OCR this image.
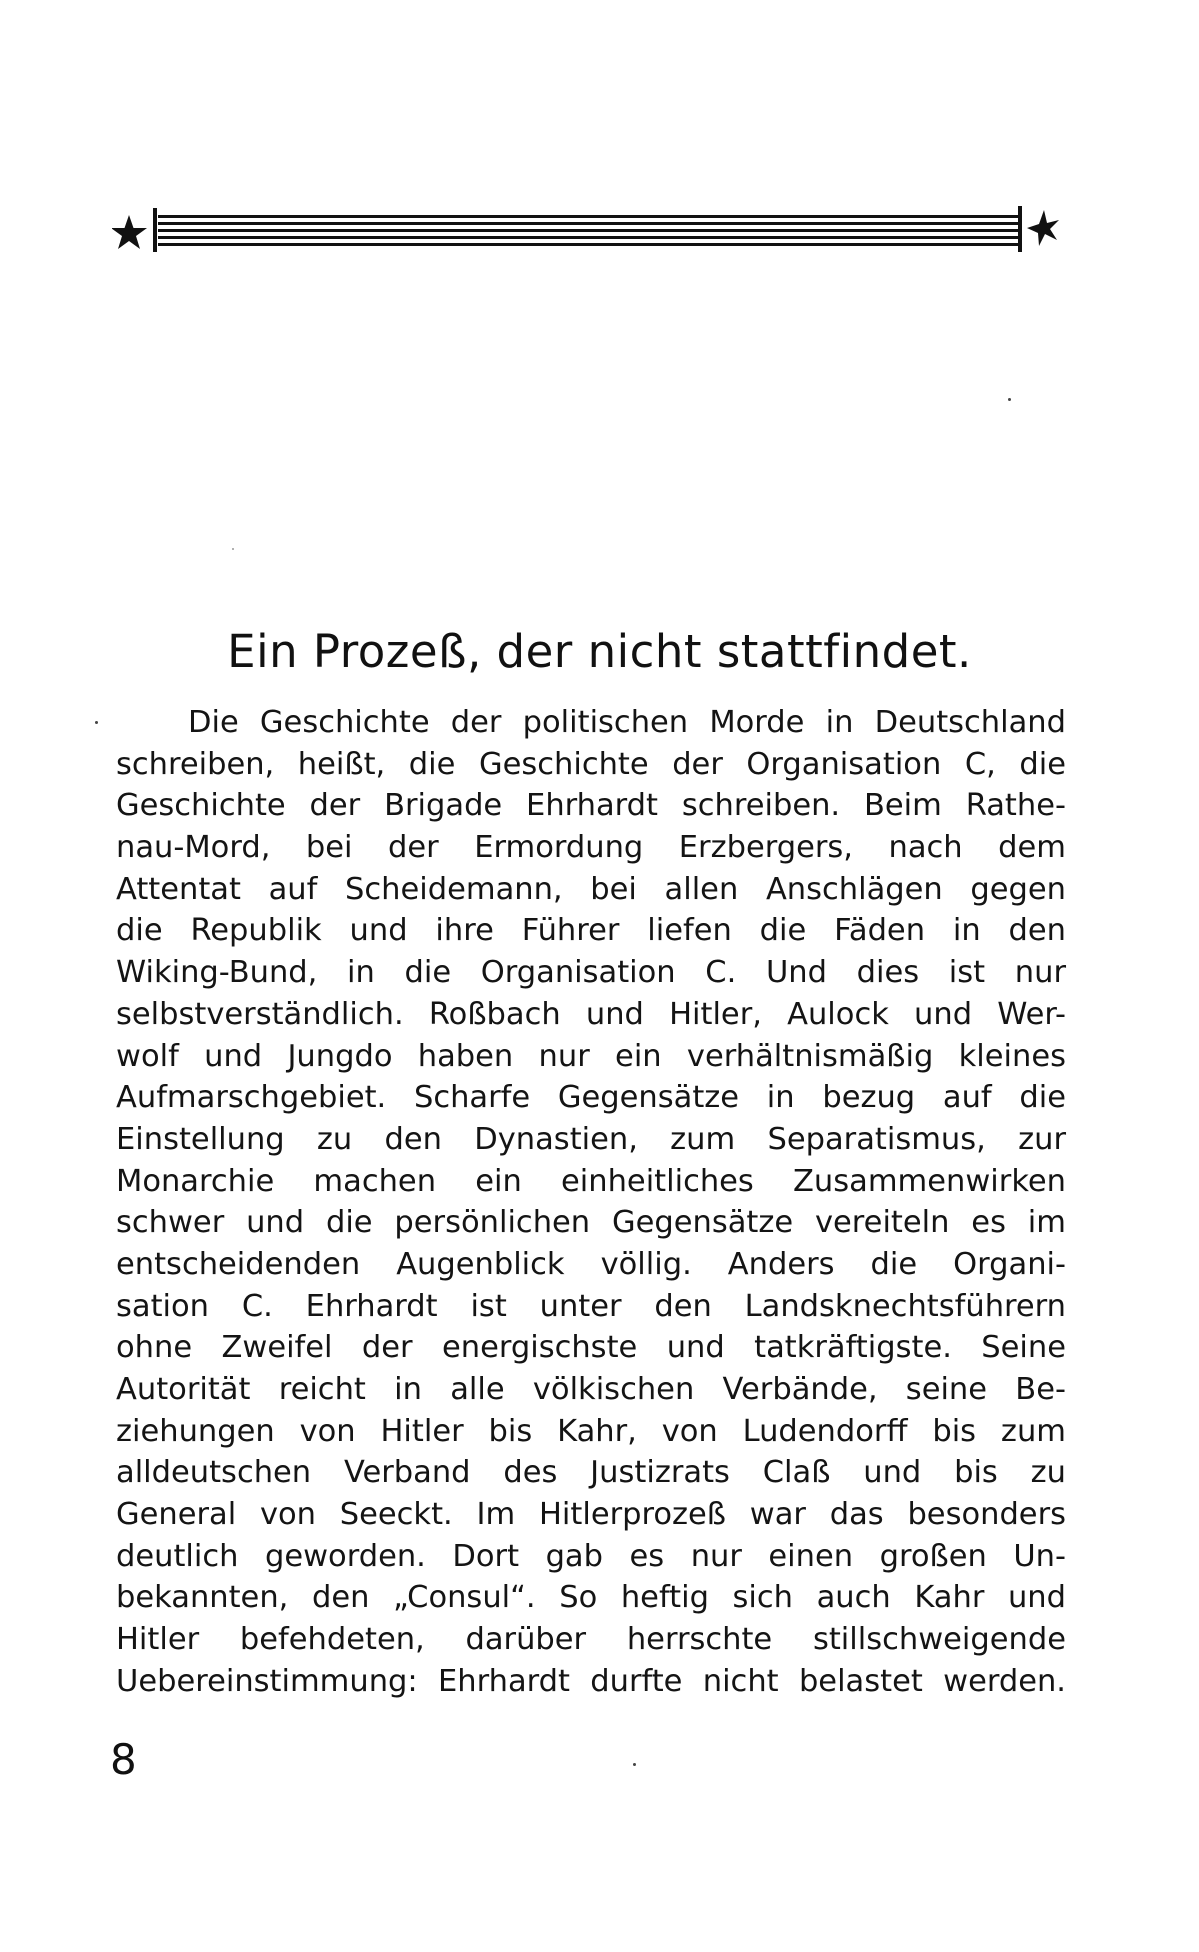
Ein Prozeß, der nicht stattfindet.
Die Geschichte der politischen Morde in Deutschland
schreiben, heißt, die Geschichte der Organisation C, die
Geschichte der Brigade Ehrhardt schreiben. Beim Rathe-
nau-Mord, bei der Ermordung Erzbergers, nach dem
Attentat auf Scheidemann, bei allen Anschlägen gegen
die Republik und ihre Führer liefen die Fäden in den
Wiking-Bund, in die Organisation C. Und dies ist nur
selbstverständlich. Roßbach und Hitler, Aulock und Wer-
wolf und Jungdo haben nur ein verhältnismäßig kleines
Aufmarschgebiet. Scharfe Gegensätze in bezug auf die
Einstellung zu den Dynastien, zum Separatismus, zur
Monarchie machen ein einheitliches Zusammenwirken
schwer und die persönlichen Gegensätze vereiteln es im
entscheidenden Augenblick völlig. Anders die Organi-
sation C. Ehrhardt ist unter den Landsknechtsführern
ohne Zweifel der energischste und tatkräftigste. Seine
Autorität reicht in alle völkischen Verbände, seine Be-
ziehungen von Hitler bis Kahr, von Ludendorff bis zum
alldeutschen Verband des Justizrats Claß und bis zu
General von Seeckt. Im Hitlerprozeß war das besonders
deutlich geworden. Dort gab es nur einen großen Un-
bekannten, den „Consul“. So heftig sich auch Kahr und
Hitler befehdeten, darüber herrschte stillschweigende
Uebereinstimmung: Ehrhardt durfte nicht belastet werden.
8
